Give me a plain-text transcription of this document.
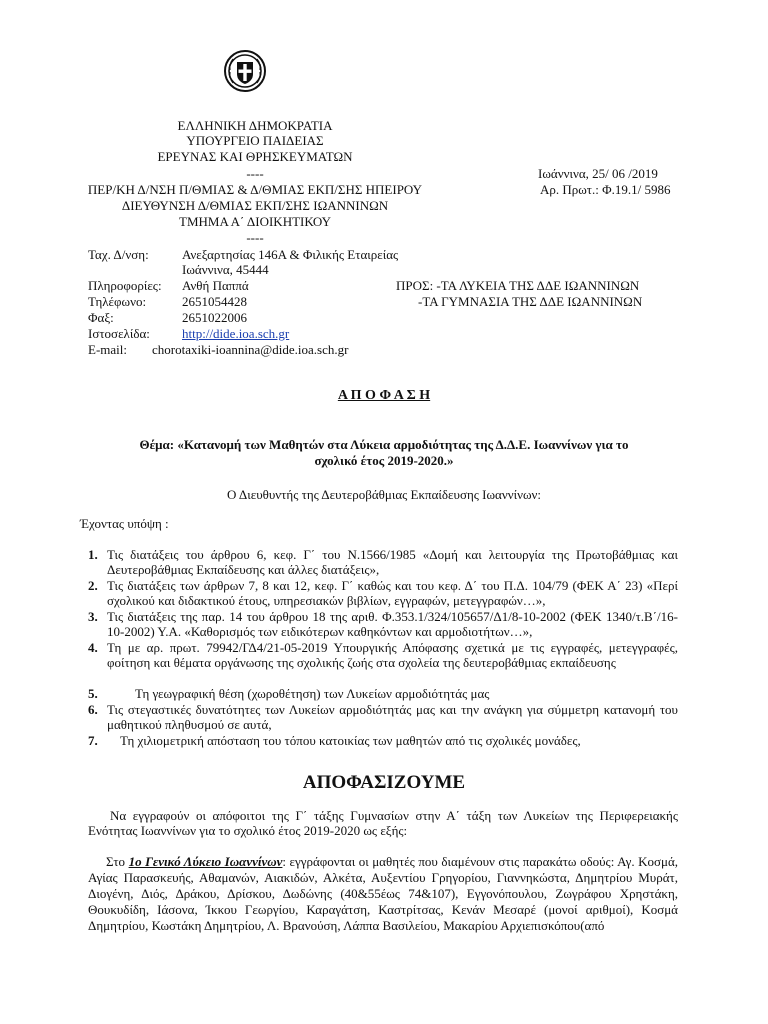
ΕΛΛΗΝΙΚΗ ΔΗΜΟΚΡΑΤΙΑ
ΥΠΟΥΡΓΕΙΟ ΠΑΙΔΕΙΑΣ
ΕΡΕΥΝΑΣ ΚΑΙ ΘΡΗΣΚΕΥΜΑΤΩΝ
----
ΠΕΡ/ΚΗ Δ/ΝΣΗ Π/ΘΜΙΑΣ & Δ/ΘΜΙΑΣ ΕΚΠ/ΣΗΣ ΗΠΕΙΡΟΥ
ΔΙΕΥΘΥΝΣΗ Δ/ΘΜΙΑΣ ΕΚΠ/ΣΗΣ ΙΩΑΝΝΙΝΩΝ
ΤΜΗΜΑ Α΄ ΔΙΟΙΚΗΤΙΚΟΥ
----
Ιωάννινα, 25/ 06 /2019
Αρ. Πρωτ.: Φ.19.1/ 5986
Ταχ. Δ/νση:	Ανεξαρτησίας 146Α & Φιλικής Εταιρείας
Ιωάννινα, 45444
Πληροφορίες: Ανθή Παππά
Τηλέφωνο:	2651054428
Φαξ:	2651022006
Ιστοσελίδα: http://dide.ioa.sch.gr
E-mail: chorotaxiki-ioannina@dide.ioa.sch.gr
ΠΡΟΣ: -ΤΑ ΛΥΚΕΙΑ ΤΗΣ ΔΔΕ ΙΩΑΝΝΙΝΩΝ
-ΤΑ ΓΥΜΝΑΣΙΑ ΤΗΣ ΔΔΕ ΙΩΑΝΝΙΝΩΝ
Α Π Ο Φ Α Σ Η
Θέμα: «Κατανομή των Μαθητών στα Λύκεια αρμοδιότητας της Δ.Δ.Ε. Ιωαννίνων για το
σχολικό έτος 2019-2020.»
Ο Διευθυντής της Δευτεροβάθμιας Εκπαίδευσης Ιωαννίνων:
Έχοντας υπόψη :
1. Τις διατάξεις του άρθρου 6, κεφ. Γ΄ του Ν.1566/1985 «Δομή και λειτουργία της Πρωτοβάθμιας και Δευτεροβάθμιας Εκπαίδευσης και άλλες διατάξεις»,
2. Τις διατάξεις των άρθρων 7, 8 και 12, κεφ. Γ΄ καθώς και του κεφ. Δ΄ του Π.Δ. 104/79 (ΦΕΚ Α΄ 23) «Περί σχολικού και διδακτικού έτους, υπηρεσιακών βιβλίων, εγγραφών, μετεγγραφών…»,
3. Τις διατάξεις της παρ. 14 του άρθρου 18 της αριθ. Φ.353.1/324/105657/Δ1/8-10-2002 (ΦΕΚ 1340/τ.Β΄/16-10-2002) Υ.Α. «Καθορισμός των ειδικότερων καθηκόντων και αρμοδιοτήτων…»,
4. Τη με αρ. πρωτ. 79942/ΓΔ4/21-05-2019 Υπουργικής Απόφασης σχετικά με τις εγγραφές, μετεγγραφές, φοίτηση και θέματα οργάνωσης της σχολικής ζωής στα σχολεία της δευτεροβάθμιας εκπαίδευσης
5.	Τη γεωγραφική θέση (χωροθέτηση) των Λυκείων αρμοδιότητάς μας
6. Τις στεγαστικές δυνατότητες των Λυκείων αρμοδιότητάς μας και την ανάγκη για σύμμετρη κατανομή του μαθητικού πληθυσμού σε αυτά,
7. Τη χιλιομετρική απόσταση του τόπου κατοικίας των μαθητών από τις σχολικές μονάδες,
ΑΠΟΦΑΣΙΖΟΥΜΕ
Να εγγραφούν οι απόφοιτοι της Γ΄ τάξης Γυμνασίων στην Α΄ τάξη των Λυκείων της Περιφερειακής Ενότητας Ιωαννίνων για το σχολικό έτος 2019-2020 ως εξής:
Στο 1ο Γενικό Λύκειο Ιωαννίνων: εγγράφονται οι μαθητές που διαμένουν στις παρακάτω οδούς: Αγ. Κοσμά, Αγίας Παρασκευής, Αθαμανών, Αιακιδών, Αλκέτα, Αυξεντίου Γρηγορίου, Γιαννηκώστα, Δημητρίου Μυράτ, Διογένη, Διός, Δράκου, Δρίσκου, Δωδώνης (40&55έως 74&107), Εγγονόπουλου, Ζωγράφου Χρηστάκη, Θουκυδίδη, Ιάσονα, Ίκκου Γεωργίου, Καραγάτση, Καστρίτσας, Κενάν Μεσαρέ (μονοί αριθμοί), Κοσμά Δημητρίου, Κωστάκη Δημητρίου, Λ. Βρανούση, Λάππα Βασιλείου, Μακαρίου Αρχιεπισκόπου(από
